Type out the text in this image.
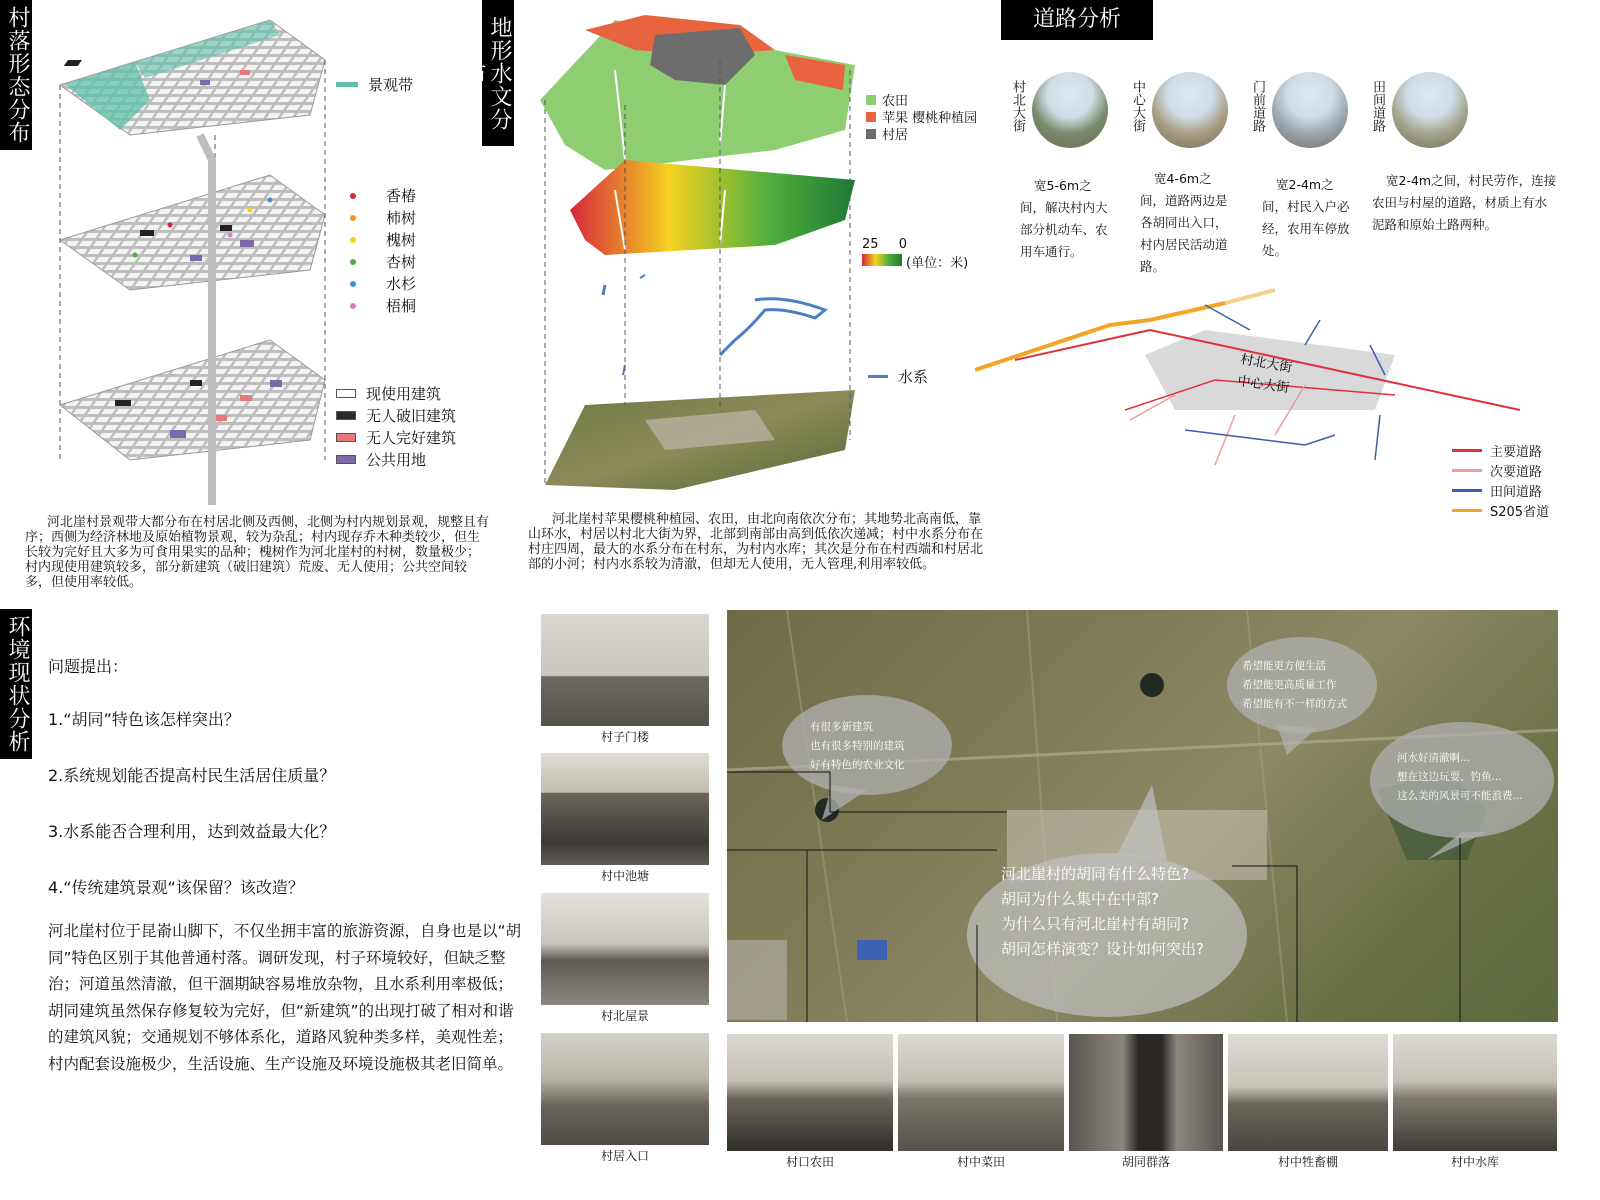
村落形态分布	地形水文分布
道路分析
环境现状分析
景观带
香椿
柿树
槐树
杏树
水杉
梧桐
现使用建筑
无人破旧建筑
无人完好建筑
公共用地
河北崖村景观带大都分布在村居北侧及西侧，北侧为村内规划景观，规整且有序；西侧为经济林地及原始植物景观，较为杂乱；村内现存乔木种类较少，但生长较为完好且大多为可食用果实的品种；槐树作为河北崖村的村树，数量极少；村内现使用建筑较多，部分新建筑（破旧建筑）荒废、无人使用；公共空间较多，但使用率较低。
农田
苹果 樱桃种植园
村居
25 0
(单位：米)
水系
河北崖村苹果樱桃种植园、农田，由北向南依次分布；其地势北高南低，靠山环水，村居以村北大街为界，北部到南部由高到低依次递减；村中水系分布在村庄四周，最大的水系分布在村东，为村内水库；其次是分布在村西端和村居北部的小河；村内水系较为清澈，但却无人使用，无人管理,利用率较低。
村北大街
宽5-6m之间，解决村内大部分机动车、农用车通行。
中心大街
宽4-6m之间，道路两边是各胡同出入口，村内居民活动道路。
门前道路
宽2-4m之间，村民入户必经，农用车停放处。
田间道路
宽2-4m之间，村民劳作，连接农田与村屋的道路，材质上有水泥路和原始土路两种。
村北大街
中心大街
主要道路
次要道路
田间道路
S205省道
问题提出：
1.“胡同”特色该怎样突出？
2.系统规划能否提高村民生活居住质量？
3.水系能否合理利用，达到效益最大化？
4.“传统建筑景观“该保留？该改造？
河北崖村位于昆嵛山脚下，不仅坐拥丰富的旅游资源，自身也是以“胡同”特色区别于其他普通村落。调研发现，村子环境较好，但缺乏整治；河道虽然清澈，但干涸期缺容易堆放杂物，且水系利用率极低；胡同建筑虽然保存修复较为完好，但“新建筑”的出现打破了相对和谐的建筑风貌；交通规划不够体系化，道路风貌种类多样，美观性差；村内配套设施极少，生活设施、生产设施及环境设施极其老旧简单。
村子门楼
村中池塘
村北屋景
村居入口
有很多新建筑
也有很多特别的建筑
好有特色的农业文化
希望能更方便生活
希望能更高质量工作
希望能有不一样的方式
河水好清澈啊...
想在这边玩耍、钓鱼...
这么美的风景可不能浪费...
河北崖村的胡同有什么特色?
胡同为什么集中在中部?
为什么只有河北崖村有胡同?
胡同怎样演变？设计如何突出?
村口农田	村中菜田	胡同群落	村中牲畜棚	村中水库
